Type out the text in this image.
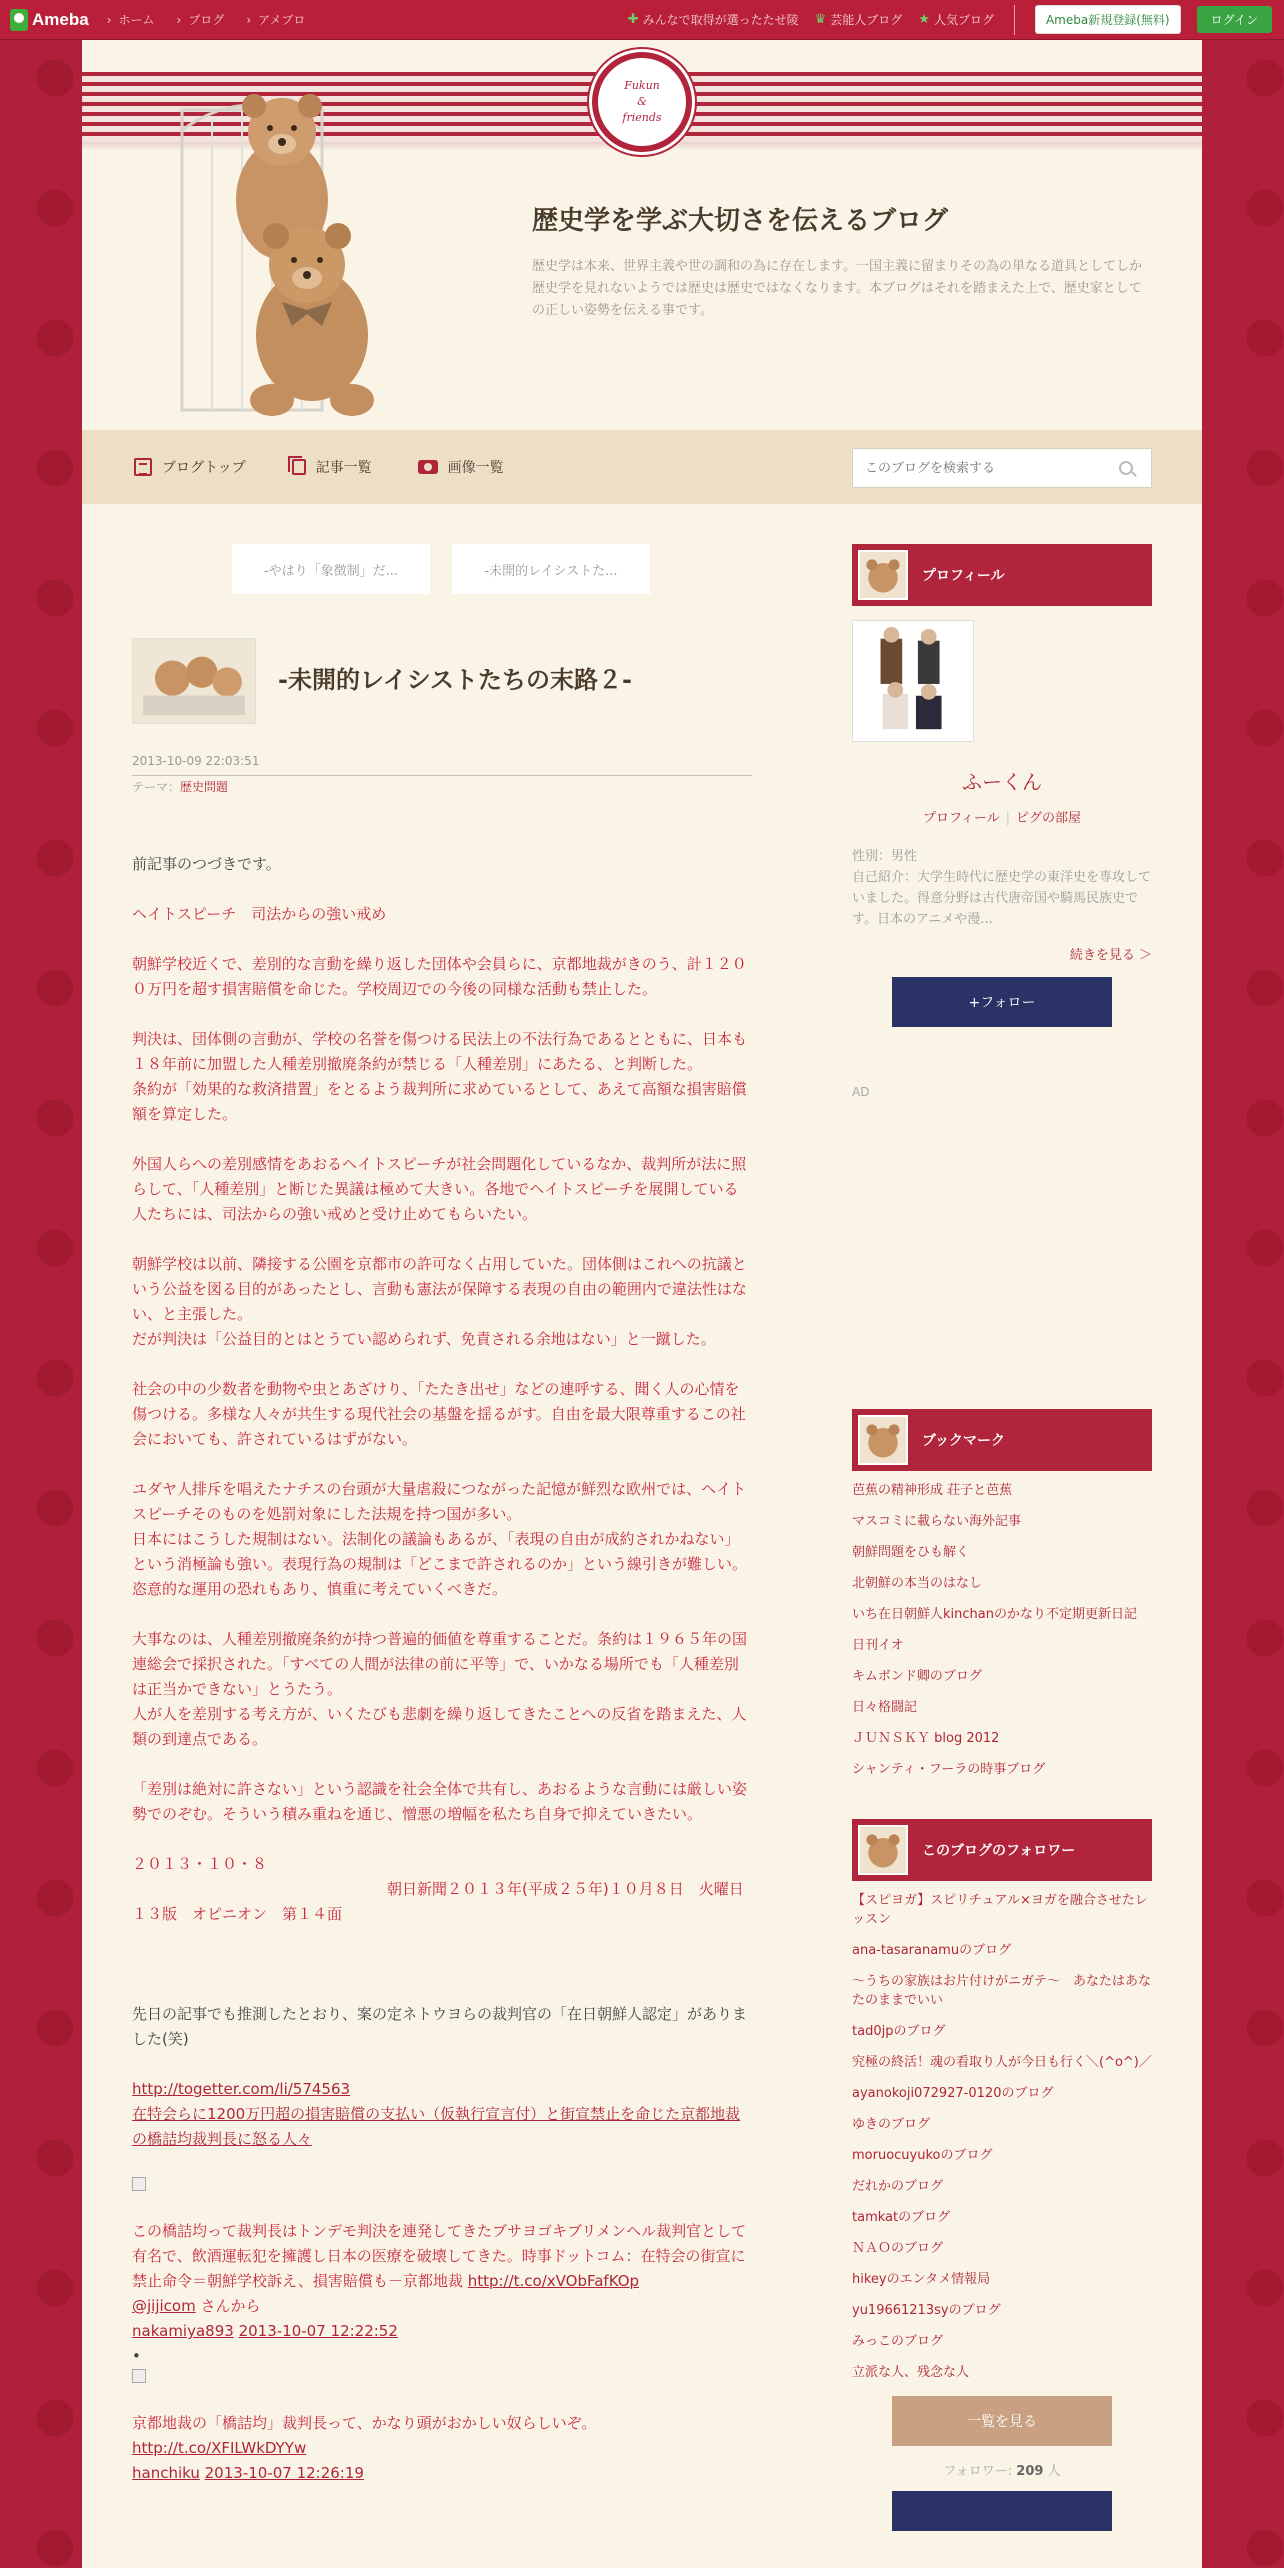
Ameba	› ホーム	› ブログ	› アメブロ	✚ みんなで取得が選ったたせ陵 ♛ 芸能人ブログ ★ 人気ブログ	Ameba新規登録(無料)	ログイン
Fukun
&
friends
歴史学を学ぶ大切さを伝えるブログ
歴史学は本来、世界主義や世の調和の為に存在します。一国主義に留まりその為の単なる道具としてしか歴史学を見れないようでは歴史は歴史ではなくなります。本ブログはそれを踏まえた上で、歴史家としての正しい姿勢を伝える事です。
ブログトップ	記事一覧	画像一覧
このブログを検索する
-やはり「象徴制」だ...	-未開的レイシストた...
-未開的レイシストたちの末路２-
2013-10-09 22:03:51
テーマ：歴史問題

前記事のつづきです。

ヘイトスピーチ　司法からの強い戒め

朝鮮学校近くで、差別的な言動を繰り返した団体や会員らに、京都地裁がきのう、計１２００万円を超す損害賠償を命じた。学校周辺での今後の同様な活動も禁止した。

判決は、団体側の言動が、学校の名誉を傷つける民法上の不法行為であるとともに、日本も１８年前に加盟した人種差別撤廃条約が禁じる「人種差別」にあたる、と判断した。
条約が「効果的な救済措置」をとるよう裁判所に求めているとして、あえて高額な損害賠償額を算定した。

外国人らへの差別感情をあおるヘイトスピーチが社会問題化しているなか、裁判所が法に照らして、「人種差別」と断じた異議は極めて大きい。各地でヘイトスピーチを展開している人たちには、司法からの強い戒めと受け止めてもらいたい。

朝鮮学校は以前、隣接する公園を京都市の許可なく占用していた。団体側はこれへの抗議という公益を図る目的があったとし、言動も憲法が保障する表現の自由の範囲内で違法性はない、と主張した。
だが判決は「公益目的とはとうてい認められず、免責される余地はない」と一蹴した。

社会の中の少数者を動物や虫とあざけり、「たたき出せ」などの連呼する、聞く人の心情を傷つける。多様な人々が共生する現代社会の基盤を揺るがす。自由を最大限尊重するこの社会においても、許されているはずがない。

ユダヤ人排斥を唱えたナチスの台頭が大量虐殺につながった記憶が鮮烈な欧州では、ヘイトスピーチそのものを処罰対象にした法規を持つ国が多い。
日本にはこうした規制はない。法制化の議論もあるが、「表現の自由が成約されかねない」という消極論も強い。表現行為の規制は「どこまで許されるのか」という線引きが難しい。恣意的な運用の恐れもあり、慎重に考えていくべきだ。

大事なのは、人種差別撤廃条約が持つ普遍的価値を尊重することだ。条約は１９６５年の国連総会で採択された。「すべての人間が法律の前に平等」で、いかなる場所でも「人種差別は正当かできない」とうたう。
人が人を差別する考え方が、いくたびも悲劇を繰り返してきたことへの反省を踏まえた、人類の到達点である。

「差別は絶対に許さない」という認識を社会全体で共有し、あおるような言動には厳しい姿勢でのぞむ。そういう積み重ねを通じ、憎悪の増幅を私たち自身で抑えていきたい。

２０１３・１０・８
　　　　　　　　　　　　　　　　　朝日新聞２０１３年(平成２５年)１０月８日　火曜日　１３版　オピニオン　第１４面

先日の記事でも推測したとおり、案の定ネトウヨらの裁判官の「在日朝鮮人認定」がありました(笑)

http://togetter.com/li/574563
在特会らに1200万円超の損害賠償の支払い（仮執行宣言付）と街宣禁止を命じた京都地裁の橋詰均裁判長に怒る人々

この橋詰均って裁判長はトンデモ判決を連発してきたブサヨゴキブリメンヘル裁判官として有名で、飲酒運転犯を擁護し日本の医療を破壊してきた。時事ドットコム：在特会の街宣に禁止命令＝朝鮮学校訴え、損害賠償も－京都地裁 http://t.co/xVObFafKOp
@jijicom さんから
nakamiya893 2013-10-07 12:22:52

•

京都地裁の「橋詰均」裁判長って、かなり頭がおかしい奴らしいぞ。
http://t.co/XFILWkDYYw
hanchiku 2013-10-07 12:26:19

プロフィール
ふーくん
プロフィール | ピグの部屋
性別：男性
自己紹介：大学生時代に歴史学の東洋史を専攻していました。得意分野は古代唐帝国や騎馬民族史です。日本のアニメや漫...
続きを見る ＞
+フォロー
AD
ブックマーク
芭蕉の精神形成 荘子と芭蕉
マスコミに載らない海外記事
朝鮮問題をひも解く
北朝鮮の本当のはなし
いち在日朝鮮人kinchanのかなり不定期更新日記
日刊イオ
キムボンド卿のブログ
日々格闘記
ＪＵＮＳＫＹ blog 2012
シャンティ・フーラの時事ブログ
このブログのフォロワー
【スピヨガ】スピリチュアル×ヨガを融合させたレッスン
ana-tasaranamuのブログ
～うちの家族はお片付けがニガテ～　あなたはあなたのままでいい
tad0jpのブログ
究極の終活！魂の看取り人が今日も行く＼(^o^)／
ayanokoji072927-0120のブログ
ゆきのブログ
moruocuyukoのブログ
だれかのブログ
tamkatのブログ
ＮＡＯのブログ
hikeyのエンタメ情報局
yu19661213syのブログ
みっこのブログ
立派な人、残念な人
一覧を見る
フォロワー: 209 人
